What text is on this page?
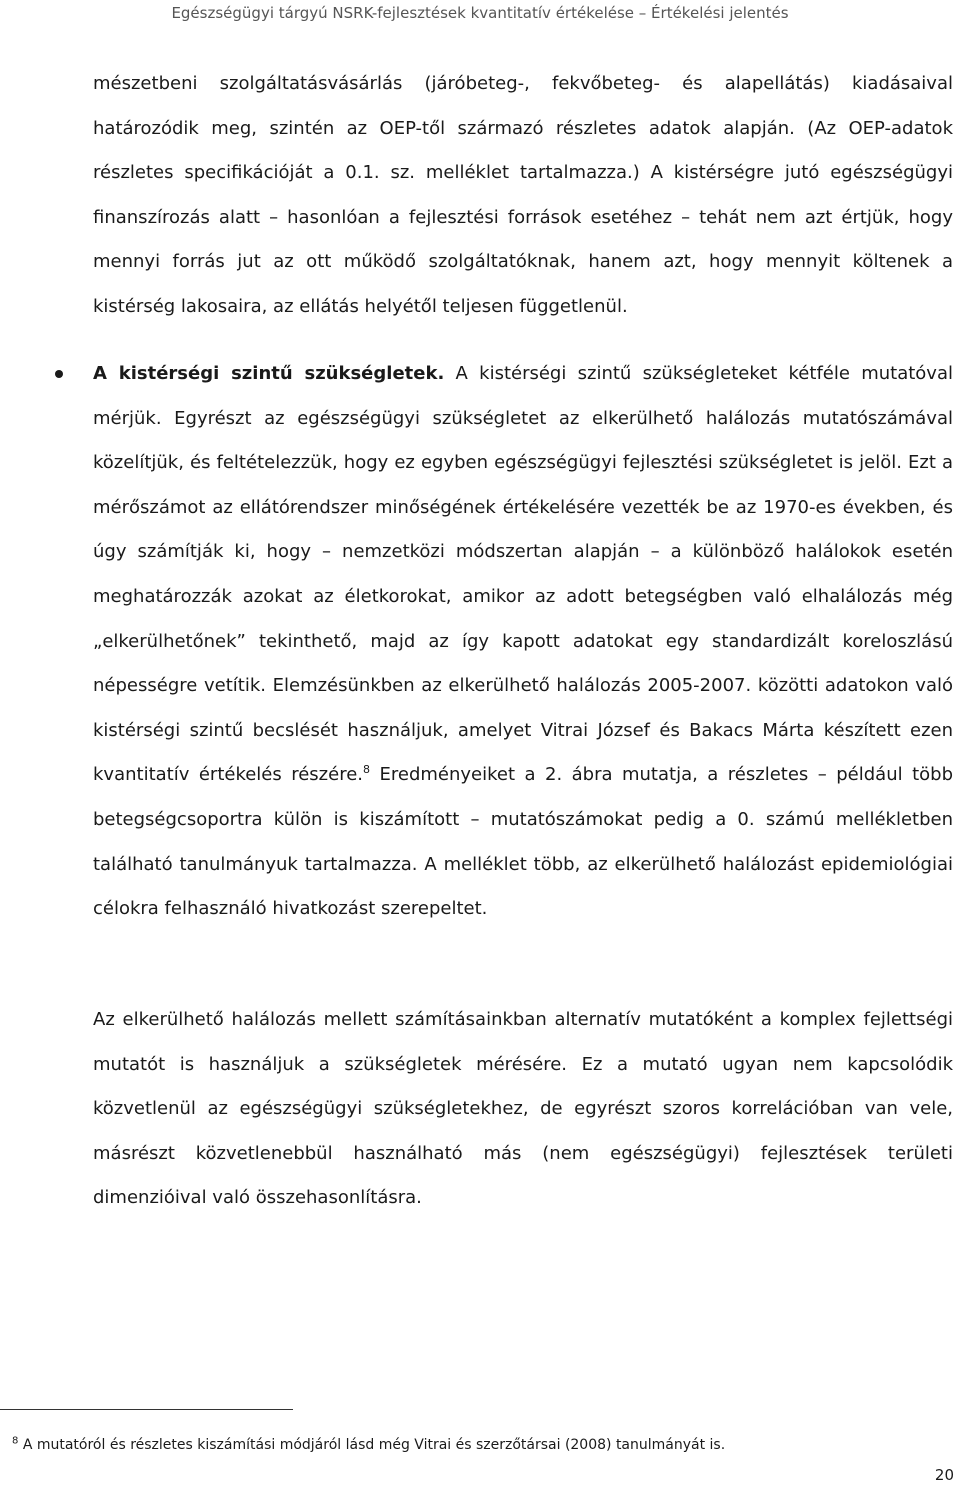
Egészségügyi tárgyú NSRK-fejlesztések kvantitatív értékelése – Értékelési jelentés

mészetbeni szolgáltatásvásárlás (járóbeteg-, fekvőbeteg- és alapellátás) kiadásaival határozódik meg, szintén az OEP-től származó részletes adatok alapján. (Az OEP-adatok részletes specifikációját a 0.1. sz. melléklet tartalmazza.) A kistérségre jutó egészségügyi finanszírozás alatt – hasonlóan a fejlesztési források esetéhez – tehát nem azt értjük, hogy mennyi forrás jut az ott működő szolgáltatóknak, hanem azt, hogy mennyit költenek a kistérség lakosaira, az ellátás helyétől teljesen függetlenül.

A kistérségi szintű szükségletek. A kistérségi szintű szükségleteket kétféle mutatóval mérjük. Egyrészt az egészségügyi szükségletet az elkerülhető halálozás mutatószámával közelítjük, és feltételezzük, hogy ez egyben egészségügyi fejlesztési szükségletet is jelöl. Ezt a mérőszámot az ellátórendszer minőségének értékelésére vezették be az 1970-es években, és úgy számítják ki, hogy – nemzetközi módszertan alapján – a különböző halálokok esetén meghatározzák azokat az életkorokat, amikor az adott betegségben való elhalálozás még „elkerülhetőnek” tekinthető, majd az így kapott adatokat egy standardizált koreloszlású népességre vetítik. Elemzésünkben az elkerülhető halálozás 2005-2007. közötti adatokon való kistérségi szintű becslését használjuk, amelyet Vitrai József és Bakacs Márta készített ezen kvantitatív értékelés részére.$^8$ Eredményeiket a 2. ábra mutatja, a részletes – például több betegségcsoportra külön is kiszámított – mutatószámokat pedig a 0. számú mellékletben található tanulmányuk tartalmazza. A melléklet több, az elkerülhető halálozást epidemiológiai célokra felhasználó hivatkozást szerepeltet.

Az elkerülhető halálozás mellett számításainkban alternatív mutatóként a komplex fejlettségi mutatót is használjuk a szükségletek mérésére. Ez a mutató ugyan nem kapcsolódik közvetlenül az egészségügyi szükségletekhez, de egyrészt szoros korrelációban van vele, másrészt közvetlenebbül használható más (nem egészségügyi) fejlesztések területi dimenzióival való összehasonlításra.

$^8$ A mutatóról és részletes kiszámítási módjáról lásd még Vitrai és szerzőtársai (2008) tanulmányát is.
20
